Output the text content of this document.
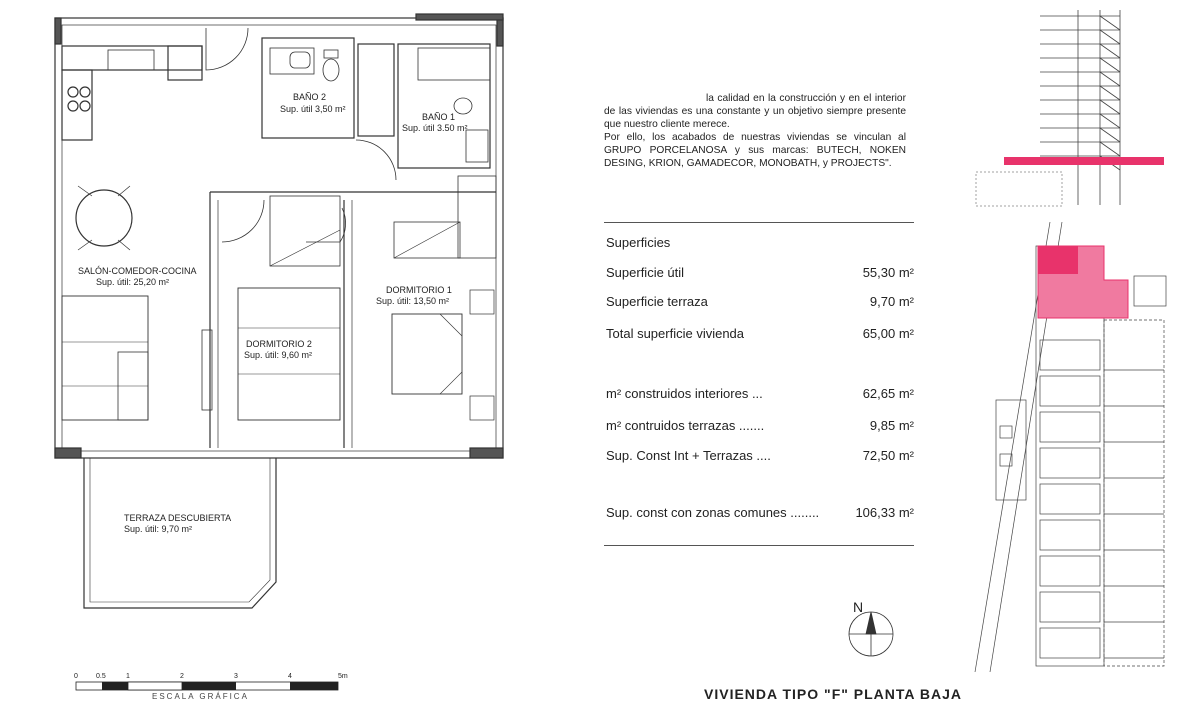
BAÑO 2
Sup. útil 3,50 m²
BAÑO 1
Sup. útil 3.50 m²
SALÓN-COMEDOR-COCINA
Sup. útil: 25,20 m²
DORMITORIO 1
Sup. útil: 13,50 m²
DORMITORIO 2
Sup. útil: 9,60 m²
TERRAZA DESCUBIERTA
Sup. útil: 9,70 m²
0	0.5	1	2	3	4	5m
N
la calidad en la construcción y en el interior de las viviendas es una constante y un objetivo siempre presente que nuestro cliente merece.
Por ello, los acabados de nuestras viviendas se vinculan al GRUPO PORCELANOSA y sus marcas: BUTECH, NOKEN DESING, KRION, GAMADECOR, MONOBATH, y PROJECTS".
Superficies
Superficie útil	55,30 m²
Superficie terraza	9,70 m²
Total superficie vivienda	65,00 m²
m² construidos interiores ...	62,65 m²
m² contruidos terrazas .......	9,85 m²
Sup. Const Int + Terrazas ....	72,50 m²
Sup. const con zonas comunes ........	106,33 m²
ESCALA GRÁFICA	VIVIENDA TIPO "F" PLANTA BAJA
